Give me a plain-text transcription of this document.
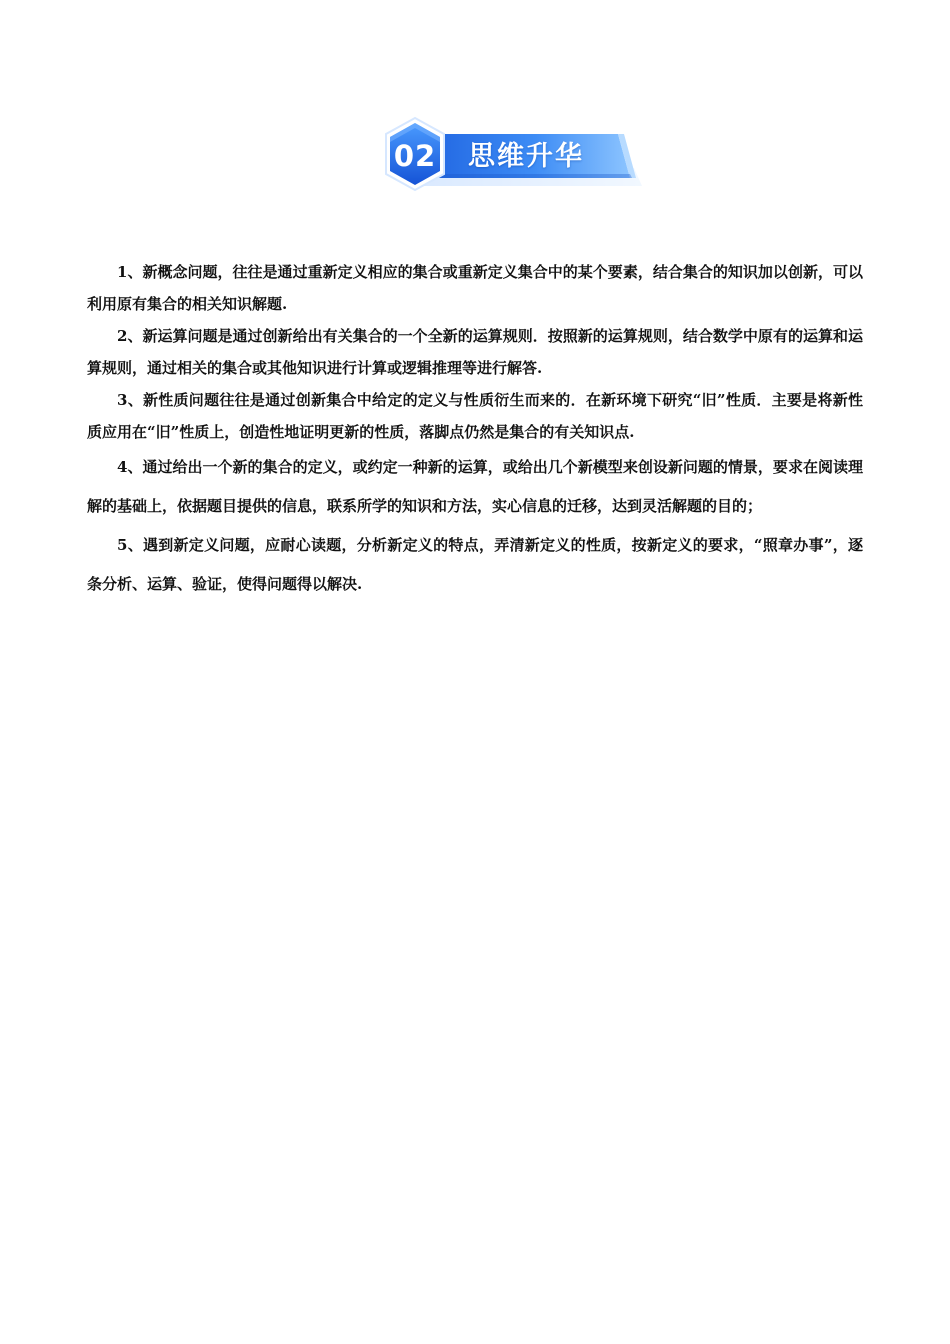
02 思维升华

1、新概念问题，往往是通过重新定义相应的集合或重新定义集合中的某个要素，结合集合的知识加以创新，可以利用原有集合的相关知识解题.

2、新运算问题是通过创新给出有关集合的一个全新的运算规则．按照新的运算规则，结合数学中原有的运算和运算规则，通过相关的集合或其他知识进行计算或逻辑推理等进行解答.

3、新性质问题往往是通过创新集合中给定的定义与性质衍生而来的．在新环境下研究“旧”性质．主要是将新性质应用在“旧”性质上，创造性地证明更新的性质，落脚点仍然是集合的有关知识点.

4、通过给出一个新的集合的定义，或约定一种新的运算，或给出几个新模型来创设新问题的情景，要求在阅读理解的基础上，依据题目提供的信息，联系所学的知识和方法，实心信息的迁移，达到灵活解题的目的；

5、遇到新定义问题，应耐心读题，分析新定义的特点，弄清新定义的性质，按新定义的要求，“照章办事”，逐条分析、运算、验证，使得问题得以解决.
